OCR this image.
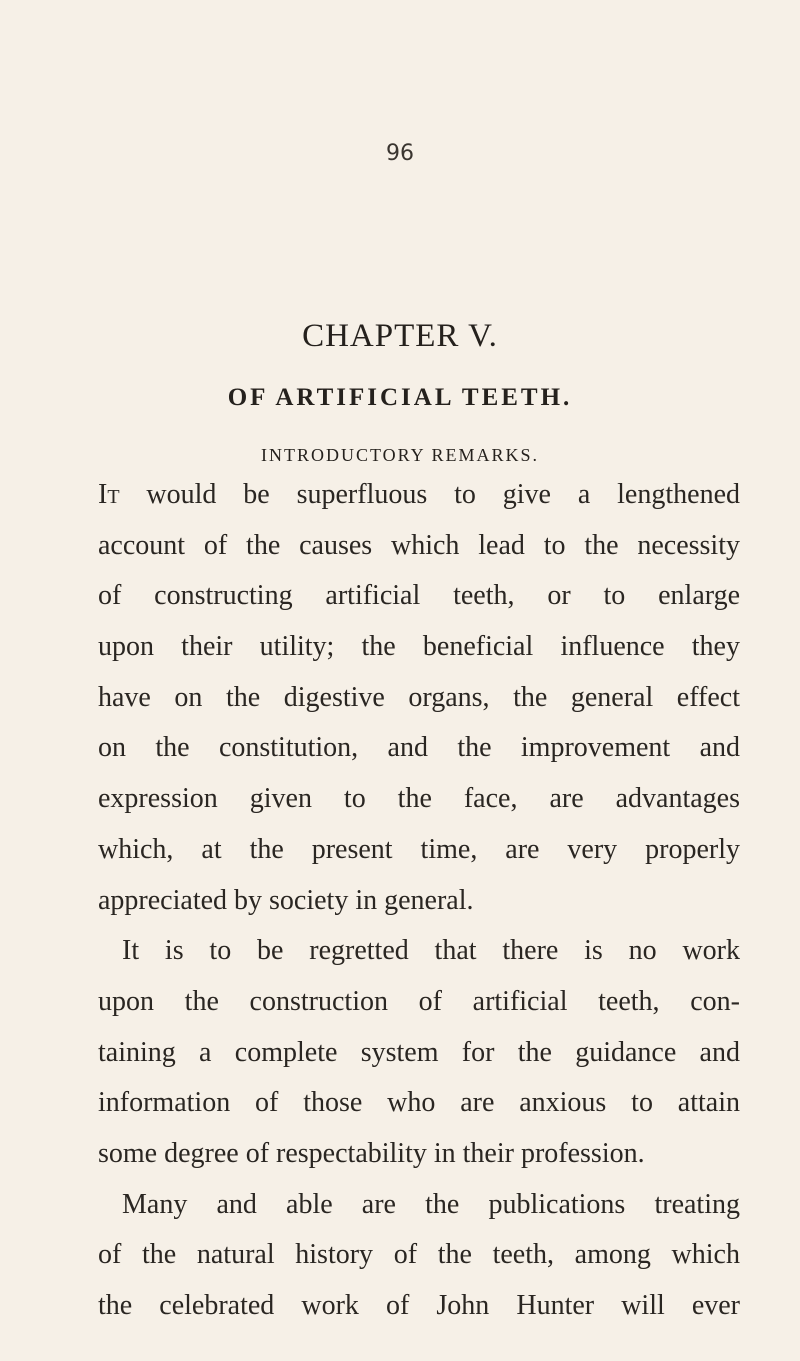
96
CHAPTER V.
OF ARTIFICIAL TEETH.
INTRODUCTORY REMARKS.
It would be superfluous to give a lengthened
account of the causes which lead to the necessity
of constructing artificial teeth, or to enlarge
upon their utility; the beneficial influence they
have on the digestive organs, the general effect
on the constitution, and the improvement and
expression given to the face, are advantages
which, at the present time, are very properly
appreciated by society in general.
It is to be regretted that there is no work
upon the construction of artificial teeth, con-
taining a complete system for the guidance and
information of those who are anxious to attain
some degree of respectability in their profession.
Many and able are the publications treating
of the natural history of the teeth, among which
the celebrated work of John Hunter will ever
